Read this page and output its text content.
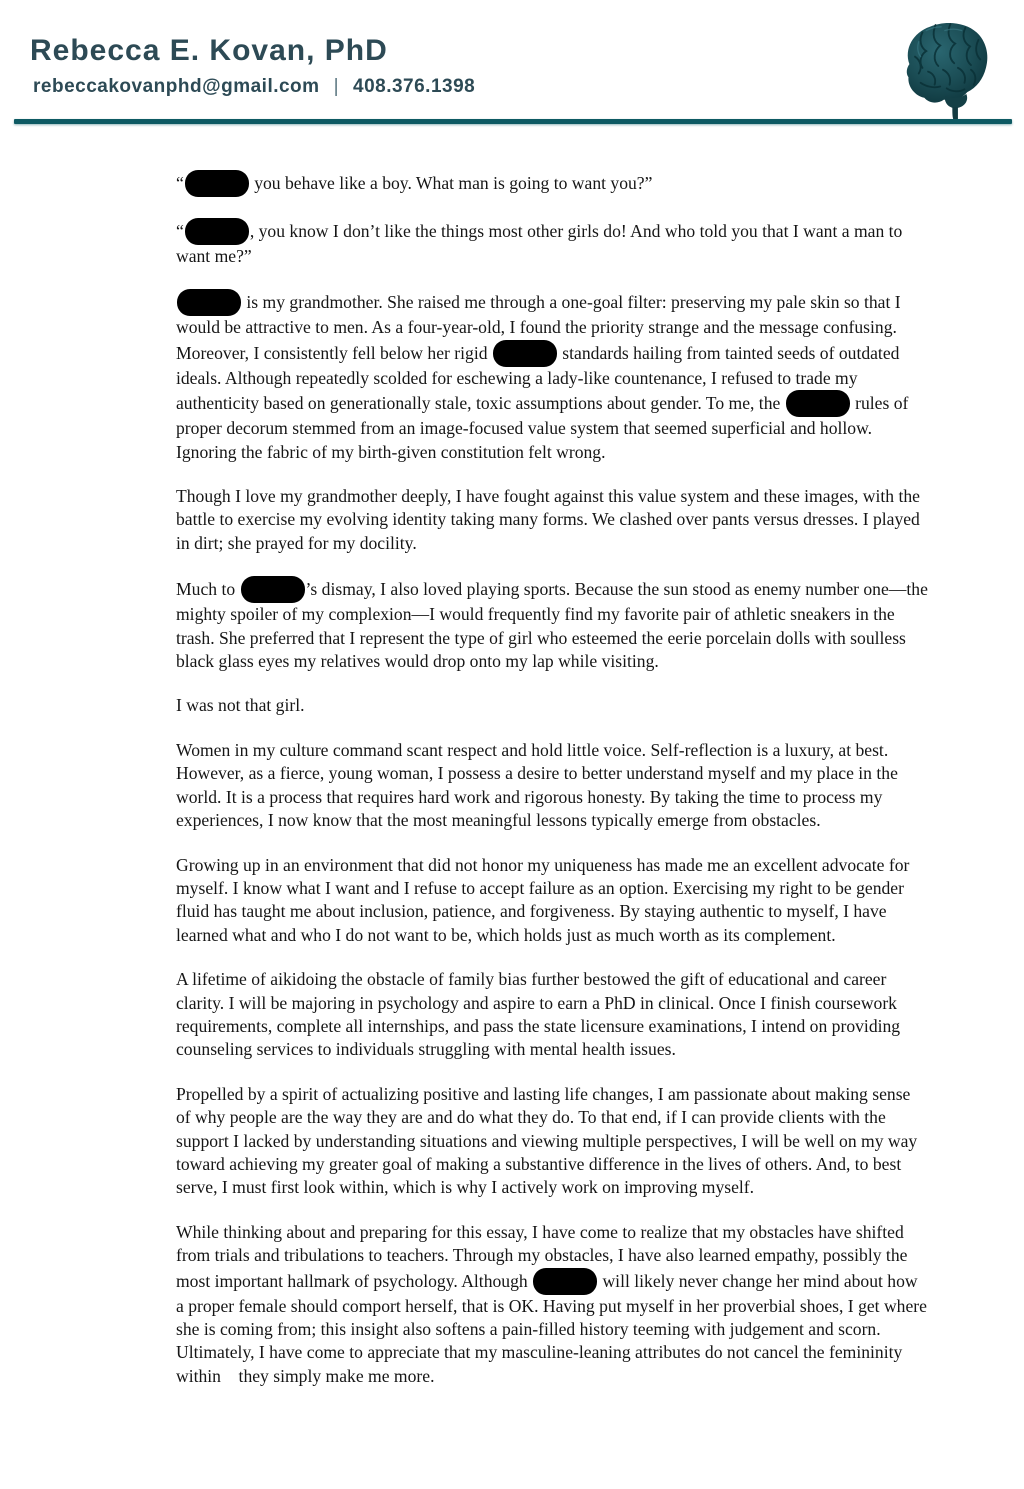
Rebecca E. Kovan, PhD
rebeccakovanphd@gmail.com | 408.376.1398

“	you behave like a boy. What man is going to want you?”

“	, you know I don’t like the things most other girls do! And who told you that I want a man to want me?”

is my grandmother. She raised me through a one-goal filter: preserving my pale skin so that I would be attractive to men. As a four-year-old, I found the priority strange and the message confusing. Moreover, I consistently fell below her rigid	standards hailing from tainted seeds of outdated ideals. Although repeatedly scolded for eschewing a lady-like countenance, I refused to trade my authenticity based on generationally stale, toxic assumptions about gender. To me, the	rules of proper decorum stemmed from an image-focused value system that seemed superficial and hollow. Ignoring the fabric of my birth-given constitution felt wrong.

Though I love my grandmother deeply, I have fought against this value system and these images, with the battle to exercise my evolving identity taking many forms. We clashed over pants versus dresses. I played in dirt; she prayed for my docility.

Much to	’s dismay, I also loved playing sports. Because the sun stood as enemy number one—the mighty spoiler of my complexion—I would frequently find my favorite pair of athletic sneakers in the trash. She preferred that I represent the type of girl who esteemed the eerie porcelain dolls with soulless black glass eyes my relatives would drop onto my lap while visiting.

I was not that girl.

Women in my culture command scant respect and hold little voice. Self-reflection is a luxury, at best. However, as a fierce, young woman, I possess a desire to better understand myself and my place in the world. It is a process that requires hard work and rigorous honesty. By taking the time to process my experiences, I now know that the most meaningful lessons typically emerge from obstacles.

Growing up in an environment that did not honor my uniqueness has made me an excellent advocate for myself. I know what I want and I refuse to accept failure as an option. Exercising my right to be gender fluid has taught me about inclusion, patience, and forgiveness. By staying authentic to myself, I have learned what and who I do not want to be, which holds just as much worth as its complement.

A lifetime of aikidoing the obstacle of family bias further bestowed the gift of educational and career clarity. I will be majoring in psychology and aspire to earn a PhD in clinical. Once I finish coursework requirements, complete all internships, and pass the state licensure examinations, I intend on providing counseling services to individuals struggling with mental health issues.

Propelled by a spirit of actualizing positive and lasting life changes, I am passionate about making sense of why people are the way they are and do what they do. To that end, if I can provide clients with the support I lacked by understanding situations and viewing multiple perspectives, I will be well on my way toward achieving my greater goal of making a substantive difference in the lives of others. And, to best serve, I must first look within, which is why I actively work on improving myself.

While thinking about and preparing for this essay, I have come to realize that my obstacles have shifted from trials and tribulations to teachers. Through my obstacles, I have also learned empathy, possibly the most important hallmark of psychology. Although	will likely never change her mind about how a proper female should comport herself, that is OK. Having put myself in her proverbial shoes, I get where she is coming from; this insight also softens a pain-filled history teeming with judgement and scorn. Ultimately, I have come to appreciate that my masculine-leaning attributes do not cancel the femininity within    they simply make me more.
